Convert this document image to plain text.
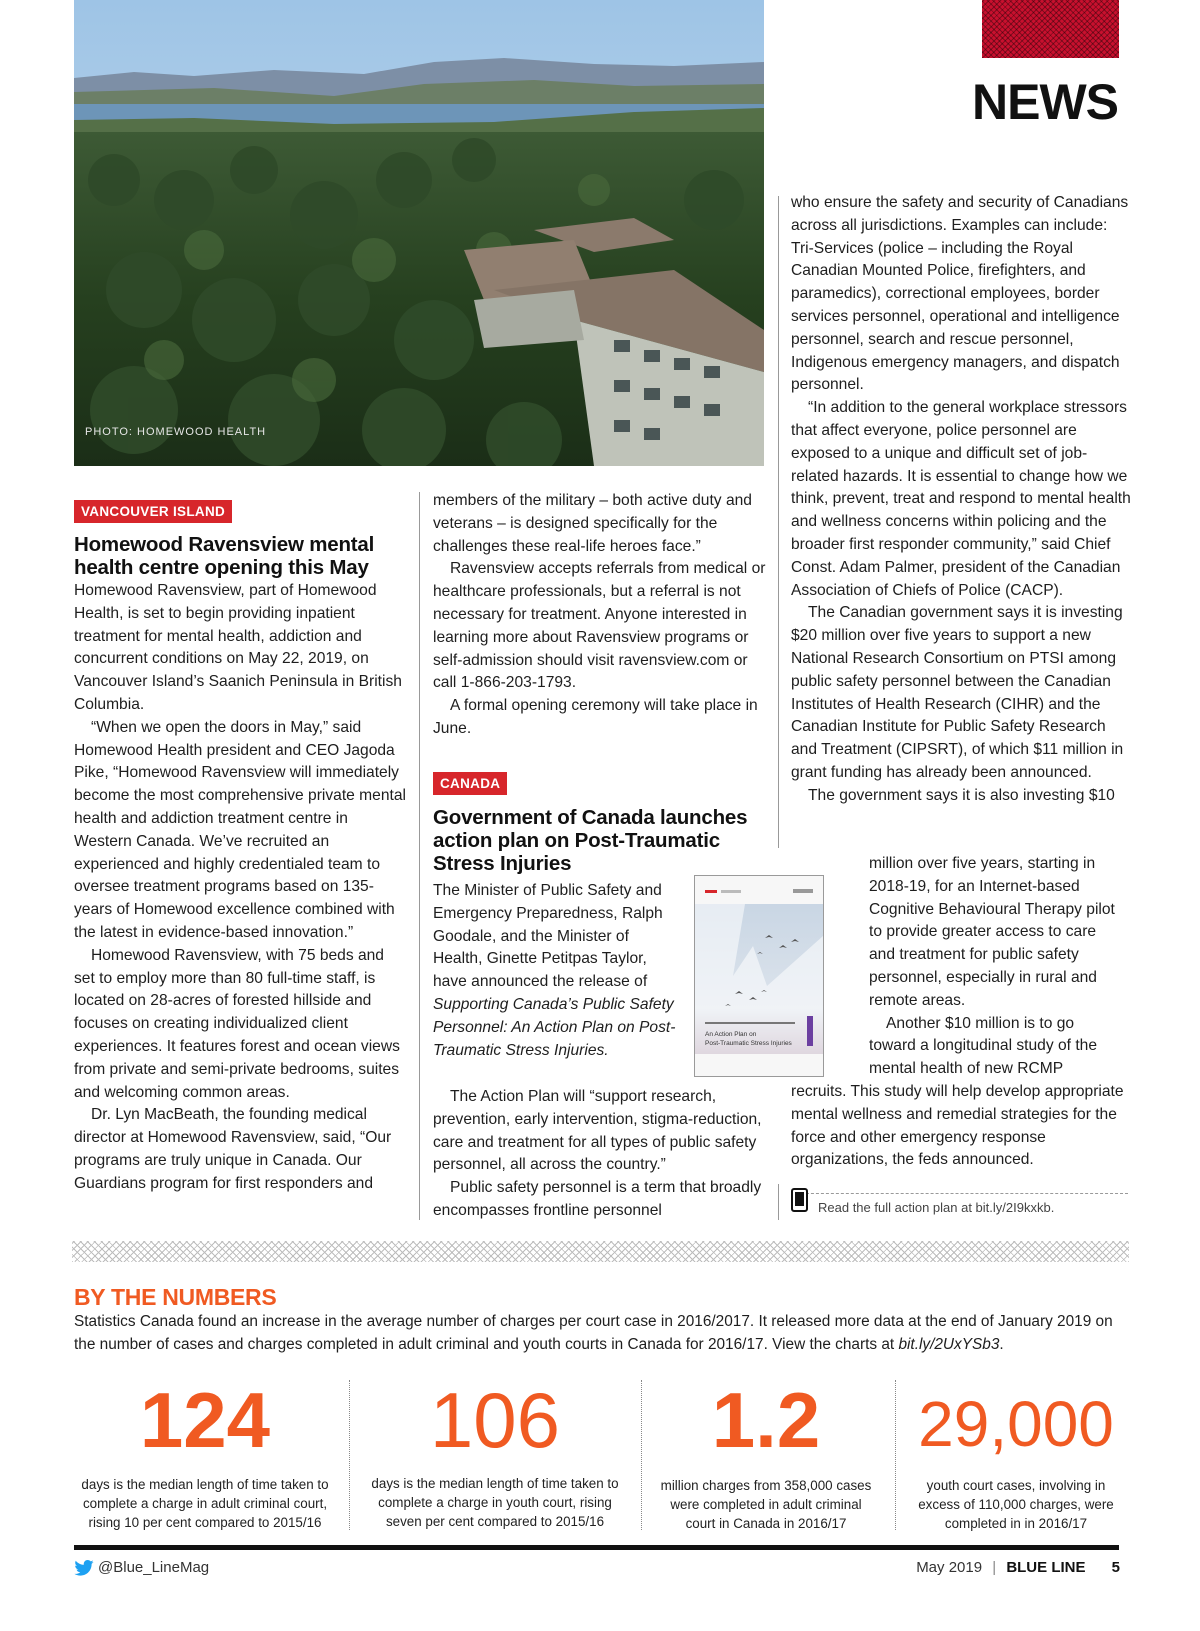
NEWS
PHOTO: HOMEWOOD HEALTH
VANCOUVER ISLAND
Homewood Ravensview mental health centre opening this May

Homewood Ravensview, part of Homewood Health, is set to begin providing inpatient treatment for mental health, addiction and concurrent conditions on May 22, 2019, on Vancouver Island’s Saanich Peninsula in British Columbia.

“When we open the doors in May,” said Homewood Health president and CEO Jagoda Pike, “Homewood Ravensview will immediately become the most comprehensive private mental health and addiction treatment centre in Western Canada. We’ve recruited an experienced and highly credentialed team to oversee treatment programs based on 135-years of Homewood excellence combined with the latest in evidence-based innovation.”

Homewood Ravensview, with 75 beds and set to employ more than 80 full-time staff, is located on 28-acres of forested hillside and focuses on creating individualized client experiences. It features forest and ocean views from private and semi-private bedrooms, suites and welcoming common areas.

Dr. Lyn MacBeath, the founding medical director at Homewood Ravensview, said, “Our programs are truly unique in Canada. Our Guardians program for first responders and

members of the military – both active duty and veterans – is designed specifically for the challenges these real-life heroes face.”

Ravensview accepts referrals from medical or healthcare professionals, but a referral is not necessary for treatment. Anyone interested in learning more about Ravensview programs or self-admission should visit ravensview.com or call 1-866-203-1793.

A formal opening ceremony will take place in June.

CANADA
Government of Canada launches action plan on Post-Traumatic Stress Injuries

The Minister of Public Safety and Emergency Preparedness, Ralph Goodale, and the Minister of Health, Ginette Petitpas Taylor, have announced the release of Supporting Canada’s Public Safety Personnel: An Action Plan on Post-Traumatic Stress Injuries.

An Action Plan on
Post-Traumatic Stress Injuries

The Action Plan will “support research, prevention, early intervention, stigma-reduction, care and treatment for all types of public safety personnel, all across the country.”

Public safety personnel is a term that broadly encompasses frontline personnel

who ensure the safety and security of Canadians across all jurisdictions. Examples can include: Tri-Services (police – including the Royal Canadian Mounted Police, firefighters, and paramedics), correctional employees, border services personnel, operational and intelligence personnel, search and rescue personnel, Indigenous emergency managers, and dispatch personnel.

“In addition to the general workplace stressors that affect everyone, police personnel are exposed to a unique and difficult set of job-related hazards. It is essential to change how we think, prevent, treat and respond to mental health and wellness concerns within policing and the broader first responder community,” said Chief Const. Adam Palmer, president of the Canadian Association of Chiefs of Police (CACP).

The Canadian government says it is investing $20 million over five years to support a new National Research Consortium on PTSI among public safety personnel between the Canadian Institutes of Health Research (CIHR) and the Canadian Institute for Public Safety Research and Treatment (CIPSRT), of which $11 million in grant funding has already been announced.

The government says it is also investing $10

million over five years, starting in
2018-19, for an Internet-based
Cognitive Behavioural Therapy pilot
to provide greater access to care
and treatment for public safety
personnel, especially in rural and
remote areas.
Another $10 million is to go
toward a longitudinal study of the
mental health of new RCMP

recruits. This study will help develop appropriate mental wellness and remedial strategies for the force and other emergency response organizations, the feds announced.

Read the full action plan at bit.ly/2I9kxkb.
BY THE NUMBERS
Statistics Canada found an increase in the average number of charges per court case in 2016/2017. It released more data at the end of January 2019 on the number of cases and charges completed in adult criminal and youth courts in Canada for 2016/17. View the charts at bit.ly/2UxYSb3.
124
days is the median length of time taken to complete a charge in adult criminal court, rising 10 per cent compared to 2015/16
106
days is the median length of time taken to complete a charge in youth court, rising seven per cent compared to 2015/16
1.2
million charges from 358,000 cases were completed in adult criminal court in Canada in 2016/17
29,000
youth court cases, involving in excess of 110,000 charges, were completed in in 2016/17
@Blue_LineMag	May 2019 | BLUE LINE 5
